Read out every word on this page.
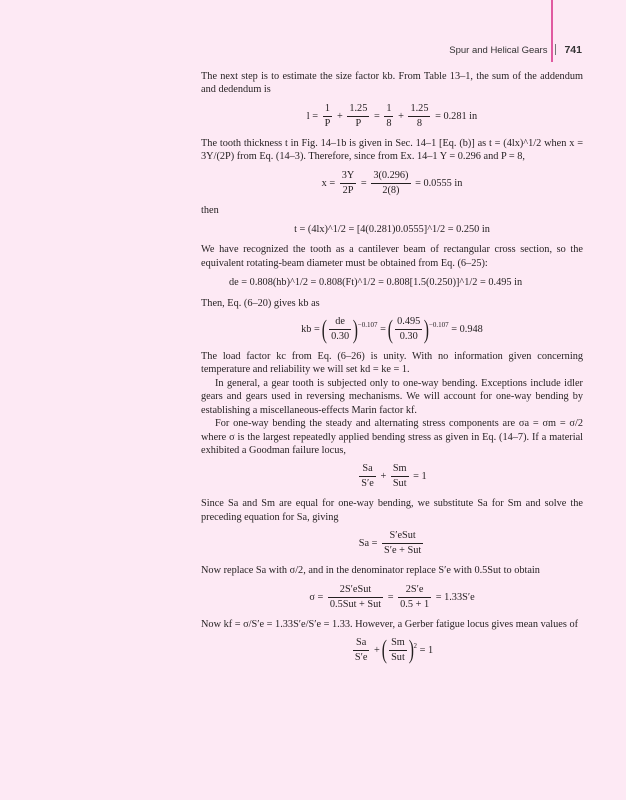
Spur and Helical Gears 741

The next step is to estimate the size factor kb. From Table 13–1, the sum of the addendum and dedendum is

$l = \frac{1}{P} + \frac{1.25}{P} = \frac{1}{8} + \frac{1.25}{8} = 0.281$ in

The tooth thickness t in Fig. 14–1b is given in Sec. 14–1 [Eq. (b)] as t = (4lx)^1/2 when x = 3Y/(2P) from Eq. (14–3). Therefore, since from Ex. 14–1 Y = 0.296 and P = 8,

$x = \frac{3Y}{2P} = \frac{3(0.296)}{2(8)} = 0.0555$ in

then

t = (4lx)^1/2 = [4(0.281)0.0555]^1/2 = 0.250 in

We have recognized the tooth as a cantilever beam of rectangular cross section, so the equivalent rotating-beam diameter must be obtained from Eq. (6–25):

de = 0.808(hb)^1/2 = 0.808(Ft)^1/2 = 0.808[1.5(0.250)]^1/2 = 0.495 in

Then, Eq. (6–20) gives kb as

kb = ( $\frac{de}{0.30} )^{-0.107}$ = ( $\frac{0.495}{0.30} )^{-0.107} = 0.948$

The load factor kc from Eq. (6–26) is unity. With no information given concerning temperature and reliability we will set kd = ke = 1.

In general, a gear tooth is subjected only to one-way bending. Exceptions include idler gears and gears used in reversing mechanisms. We will account for one-way bending by establishing a miscellaneous-effects Marin factor kf.

For one-way bending the steady and alternating stress components are σa = σm = σ/2 where σ is the largest repeatedly applied bending stress as given in Eq. (14–7). If a material exhibited a Goodman failure locus,

$\frac{Sa}{S'e} + \frac{Sm}{\text{Sut}} = 1$

Since Sa and Sm are equal for one-way bending, we substitute Sa for Sm and solve the preceding equation for Sa, giving

$Sa = \frac{\text{S′eSut}}{\text{S′e + Sut}}$

Now replace Sa with σ/2, and in the denominator replace S′e with 0.5Sut to obtain

$\sigma = \frac{\text{2S′eSut}}{\text{0.5Sut + Sut}} = \frac{2S'e}{0.5 + 1} = 1.33S'e$

Now kf = σ/S′e = 1.33S′e/S′e = 1.33. However, a Gerber fatigue locus gives mean values of

$\frac{Sa}{S'e}$ + ( $\frac{Sm}{\text{Sut}} )^2 = 1$
